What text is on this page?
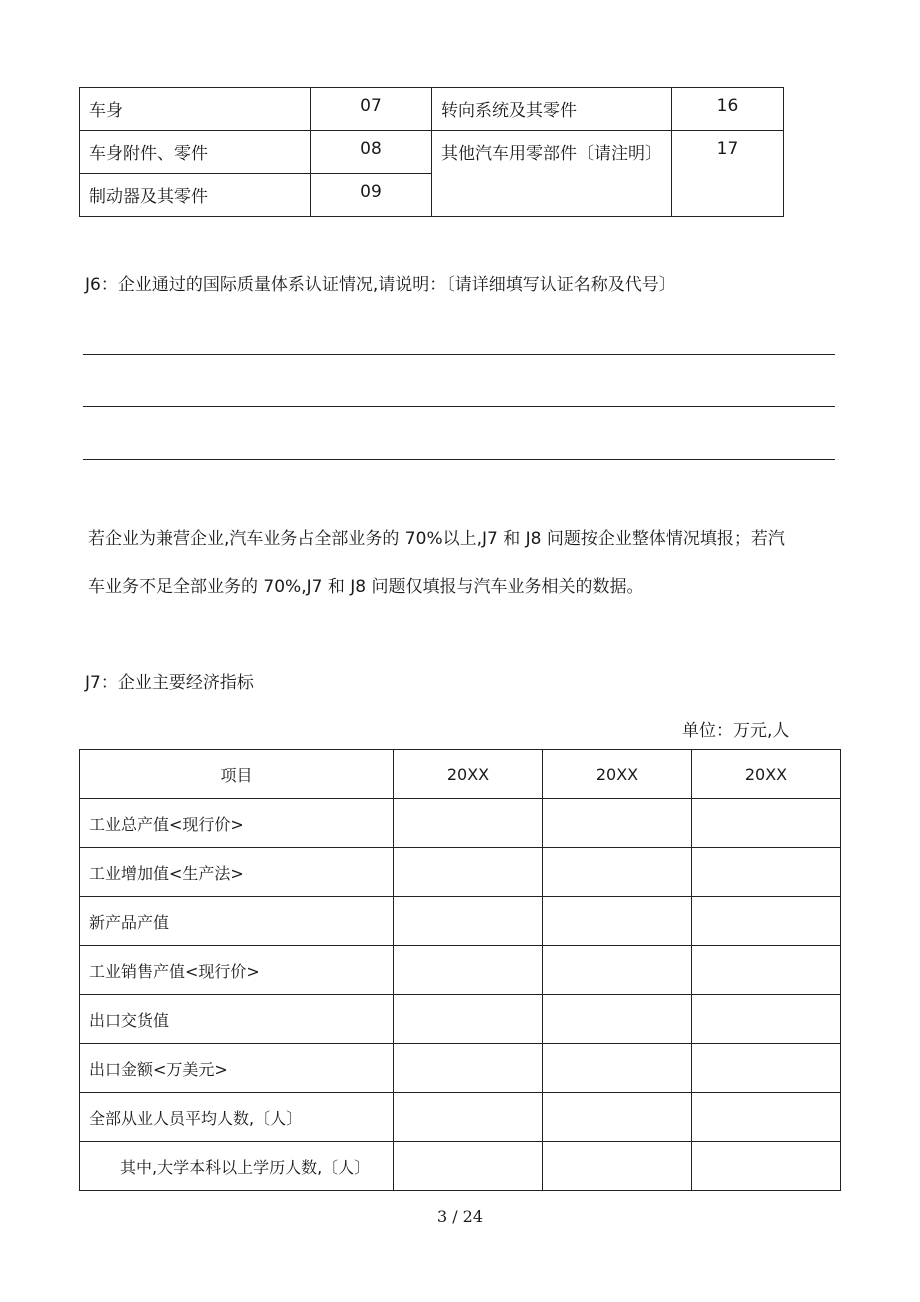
车身	07	转向系统及其零件	16
车身附件、零件	08	其他汽车用零部件〔请注明〕	17
制动器及其零件	09		

J6：企业通过的国际质量体系认证情况,请说明：〔请详细填写认证名称及代号〕

若企业为兼营企业,汽车业务占全部业务的 70%以上,J7 和 J8 问题按企业整体情况填报；若汽

车业务不足全部业务的 70%,J7 和 J8 问题仅填报与汽车业务相关的数据。

J7：企业主要经济指标

单位：万元,人

项目	20XX	20XX	20XX
工业总产值<现行价>			
工业增加值<生产法>			
新产品产值			
工业销售产值<现行价>			
出口交货值			
出口金额<万美元>			
全部从业人员平均人数,〔人〕			
其中,大学本科以上学历人数,〔人〕			
3 / 24
